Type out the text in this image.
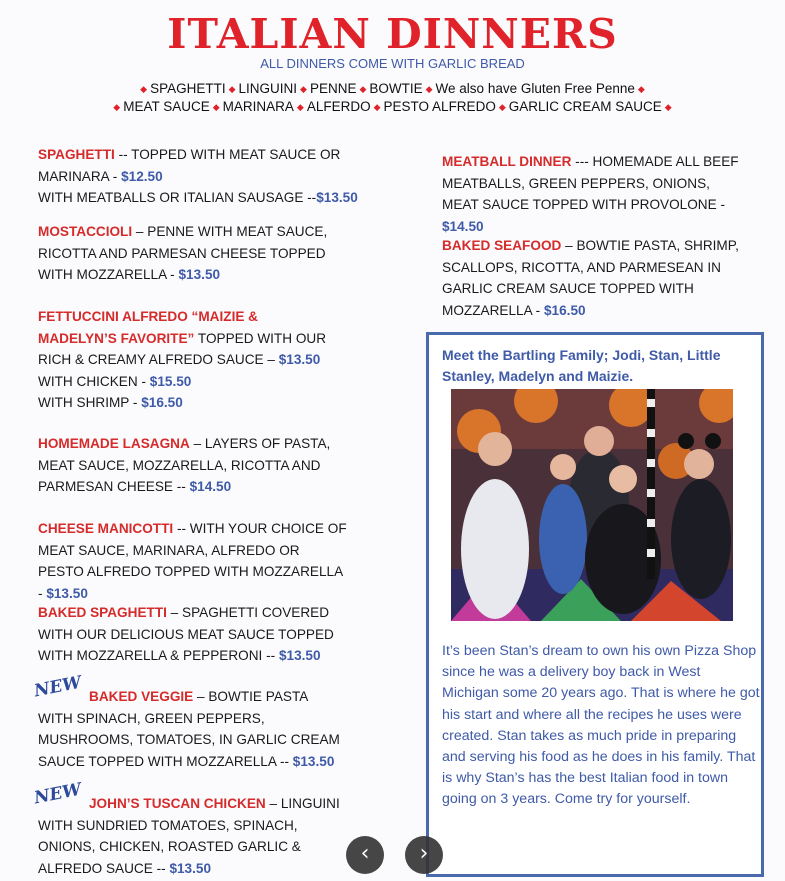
ITALIAN DINNERS
ALL DINNERS COME WITH GARLIC BREAD
◆ SPAGHETTI ◆ LINGUINI ◆ PENNE ◆ BOWTIE ◆ We also have Gluten Free Penne ◆
◆ MEAT SAUCE ◆ MARINARA ◆ ALFERDO ◆ PESTO ALFREDO ◆ GARLIC CREAM SAUCE ◆
SPAGHETTI -- TOPPED WITH MEAT SAUCE OR MARINARA - $12.50
WITH MEATBALLS OR ITALIAN SAUSAGE --$13.50
MOSTACCIOLI – PENNE WITH MEAT SAUCE, RICOTTA AND PARMESAN CHEESE TOPPED WITH MOZZARELLA - $13.50
FETTUCCINI ALFREDO “MAIZIE & MADELYN’S FAVORITE” TOPPED WITH OUR RICH & CREAMY ALFREDO SAUCE – $13.50
WITH CHICKEN - $15.50
WITH SHRIMP - $16.50
HOMEMADE LASAGNA – LAYERS OF PASTA, MEAT SAUCE, MOZZARELLA, RICOTTA AND PARMESAN CHEESE -- $14.50
CHEESE MANICOTTI -- WITH YOUR CHOICE OF MEAT SAUCE, MARINARA, ALFREDO OR PESTO ALFREDO TOPPED WITH MOZZARELLA - $13.50
BAKED SPAGHETTI – SPAGHETTI COVERED WITH OUR DELICIOUS MEAT SAUCE TOPPED WITH MOZZARELLA & PEPPERONI -- $13.50
NEW BAKED VEGGIE – BOWTIE PASTA WITH SPINACH, GREEN PEPPERS, MUSHROOMS, TOMATOES, IN GARLIC CREAM SAUCE TOPPED WITH MOZZARELLA -- $13.50
NEW JOHN’S TUSCAN CHICKEN – LINGUINI WITH SUNDRIED TOMATOES, SPINACH, ONIONS, CHICKEN, ROASTED GARLIC & ALFREDO SAUCE -- $13.50
MEATBALL DINNER --- HOMEMADE ALL BEEF MEATBALLS, GREEN PEPPERS, ONIONS, MEAT SAUCE TOPPED WITH PROVOLONE - $14.50
BAKED SEAFOOD – BOWTIE PASTA, SHRIMP, SCALLOPS, RICOTTA, AND PARMESEAN IN GARLIC CREAM SAUCE TOPPED WITH MOZZARELLA - $16.50
Meet the Bartling Family; Jodi, Stan, Little Stanley, Madelyn and Maizie.
It’s been Stan’s dream to own his own Pizza Shop since he was a delivery boy back in West Michigan some 20 years ago. That is where he got his start and where all the recipes he uses were created. Stan takes as much pride in preparing and serving his food as he does in his family. That is why Stan’s has the best Italian food in town going on 3 years. Come try for yourself.
‹	›
